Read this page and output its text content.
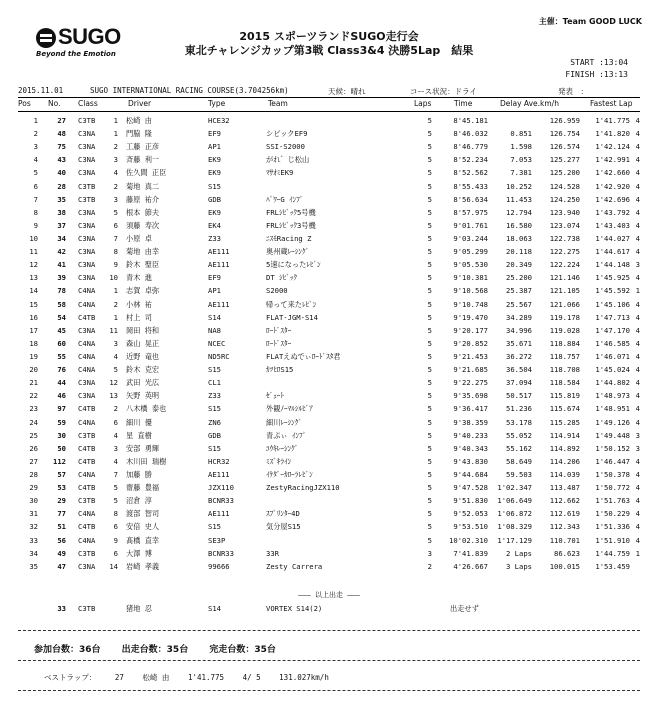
SUGO
Beyond the Emotion
主催：Team GOOD LUCK
2015 スポーツランドSUGO走行会
東北チャレンジカップ第3戦 Class3&4 決勝5Lap　結果
START :13:04
FINISH :13:13
2015.11.01	SUGO INTERNATIONAL RACING COURSE(3.704256km)	天候：晴れ	コース状況：ドライ	発表　：
Pos No. Class	Driver	Type	Team	Laps	Time	Delay Ave.km/h	Fastest Lap
1	27 C3TB	1 松崎 由	HCE32	5	8'45.181	126.959	1'41.775 4
2	48 C3NA	1 門脇 隆	EF9	シビックEF9	5	8'46.032	0.851	126.754	1'41.820 4
3	75 C3NA	2 工藤 正彦	AP1	SSI-S2000	5	8'46.779	1.598	126.574	1'42.124 4
4	43 C3NA	3 斉藤 利一	EK9	がれ゛じ松山	5	8'52.234	7.053	125.277	1'42.991 4
5	40 C3NA	4 佐久間 正臣	EK9	ﾏｻｵﾐEK9	5	8'52.562	7.381	125.200	1'42.660 4
6	28 C3TB	2 菊地 真二	S15	5	8'55.433	10.252	124.528	1'42.920 4
7	35 C3TB	3 藤原 祐介	GDB	ﾊﾟﾜｰG ｲﾝﾌﾟ	5	8'56.634	11.453	124.250	1'42.696 4
8	38 C3NA	5 根本 節夫	EK9	FRLｼﾋﾞｯｸ5号機	5	8'57.975	12.794	123.940	1'43.792 4
9	37 C3NA	6 須藤 寿次	EK4	FRLｼﾋﾞｯｸ3号機	5	9'01.761	16.580	123.074	1'43.403 4
10	34 C3NA	7 小原 卓	Z33	ﾆｽﾓRacing Z	5	9'03.244	18.063	122.738	1'44.027 4
11	42 C3NA	8 菊地 由幸	AE111	奥州蔵ﾚｰｼﾝｸﾞ	5	9'05.299	20.118	122.275	1'44.617 4
12	41 C3NA	9 鈴木 聖臣	AE111	5速になったﾚﾋﾞﾝ	5	9'05.530	20.349	122.224	1'44.148 3
13	39 C3NA 10 青木 進	EF9	DT ｼﾋﾞｯｸ	5	9'10.381	25.200	121.146	1'45.925 4
14	78 C4NA	1 志賀 卓弥	AP1	S2000	5	9'10.568	25.387	121.105	1'45.592 1
15	58 C4NA	2 小林 祐	AE111	帰って来たﾚﾋﾞﾝ	5	9'10.748	25.567	121.066	1'45.106 4
16	54 C4TB	1 村上 司	S14	FLAT-JGM-S14	5	9'19.470	34.289	119.178	1'47.713 4
17	45 C3NA 11 岡田 将和	NA8	ﾛｰﾄﾞｽﾀｰ	5	9'20.177	34.996	119.028	1'47.170 4
18	60 C4NA	3 森山 晃正	NCEC	ﾛｰﾄﾞｽﾀｰ	5	9'20.852	35.671	118.884	1'46.585 4
19	55 C4NA	4 近野 竜也	ND5RC	FLATえぬでぃﾛｰﾄﾞｽﾀ君	5	9'21.453	36.272	118.757	1'46.071 4
20	76 C4NA	5 鈴木 克宏	S15	ｶﾂﾋﾛS15	5	9'21.685	36.504	118.708	1'45.024 4
21	44 C3NA 12 武田 光広	CL1	5	9'22.275	37.094	118.584	1'44.802 4
22	46 C3NA 13 矢野 英明	Z33	ｾﾞｪｰﾄ	5	9'35.698	50.517	115.819	1'48.973 4
23	97 C4TB	2 八木橋 泰也	S15	外観ﾉｰﾏﾙｼﾙﾋﾞｱ	5	9'36.417	51.236	115.674	1'48.951 4
24	59 C4NA	6 細川 優	ZN6	細川ﾚｰｼﾝｸﾞ	5	9'38.359	53.178	115.285	1'49.126 4
25	30 C3TB	4 星 直樹	GDB	青ぷぃ ｲﾝﾌﾟ	5	9'40.233	55.052	114.914	1'49.448 3
26	50 C4TB	3 安部 勇輝	S15	ﾕｳｷﾚｰｼﾝｸﾞ	5	9'40.343	55.162	114.892	1'50.152 3
27	112 C4TB	4 木川田 瑞樹	HCR32	ﾐｽﾞｷﾗｲﾝ	5	9'43.830	58.649	114.206	1'46.447 4
28	57 C4NA	7 加藤 勝	AE111	ｲｹﾀﾞｰｶﾛｰﾗﾚﾋﾞﾝ	5	9'44.684	59.503	114.039	1'50.378 4
29	53 C4TB	5 齋藤 豊福	JZX110	ZestyRacingJZX110	5	9'47.528	1'02.347	113.487	1'50.772 4
30	29 C3TB	5 沼倉 淳	BCNR33	5	9'51.830	1'06.649	112.662	1'51.763 4
31	77 C4NA	8 渡部 智司	AE111	ｽﾌﾟﾘﾝﾀｰ4D	5	9'52.053	1'06.872	112.619	1'50.229 4
32	51 C4TB	6 安倍 史人	S15	気分屋S15	5	9'53.510	1'08.329	112.343	1'51.336 4
33	56 C4NA	9 髙橋 直幸	SE3P	5	10'02.310	1'17.129	110.701	1'51.910 4
34	49 C3TB	6 大澤 博	BCNR33	33R	3	7'41.839	2 Laps	86.623	1'44.759 1
35	47 C3NA 14 岩崎 孝義	99666	Zesty Carrera	2	4'26.667	3 Laps	100.015	1'53.459
――― 以上出走 ―――
33 C3TB	猪地 忍	S14	VORTEX S14(2)	出走せず
参加台数：36台 出走台数：35台 完走台数：35台
ベストラップ： 27 松崎 由 1'41.775 4/ 5 131.027km/h
